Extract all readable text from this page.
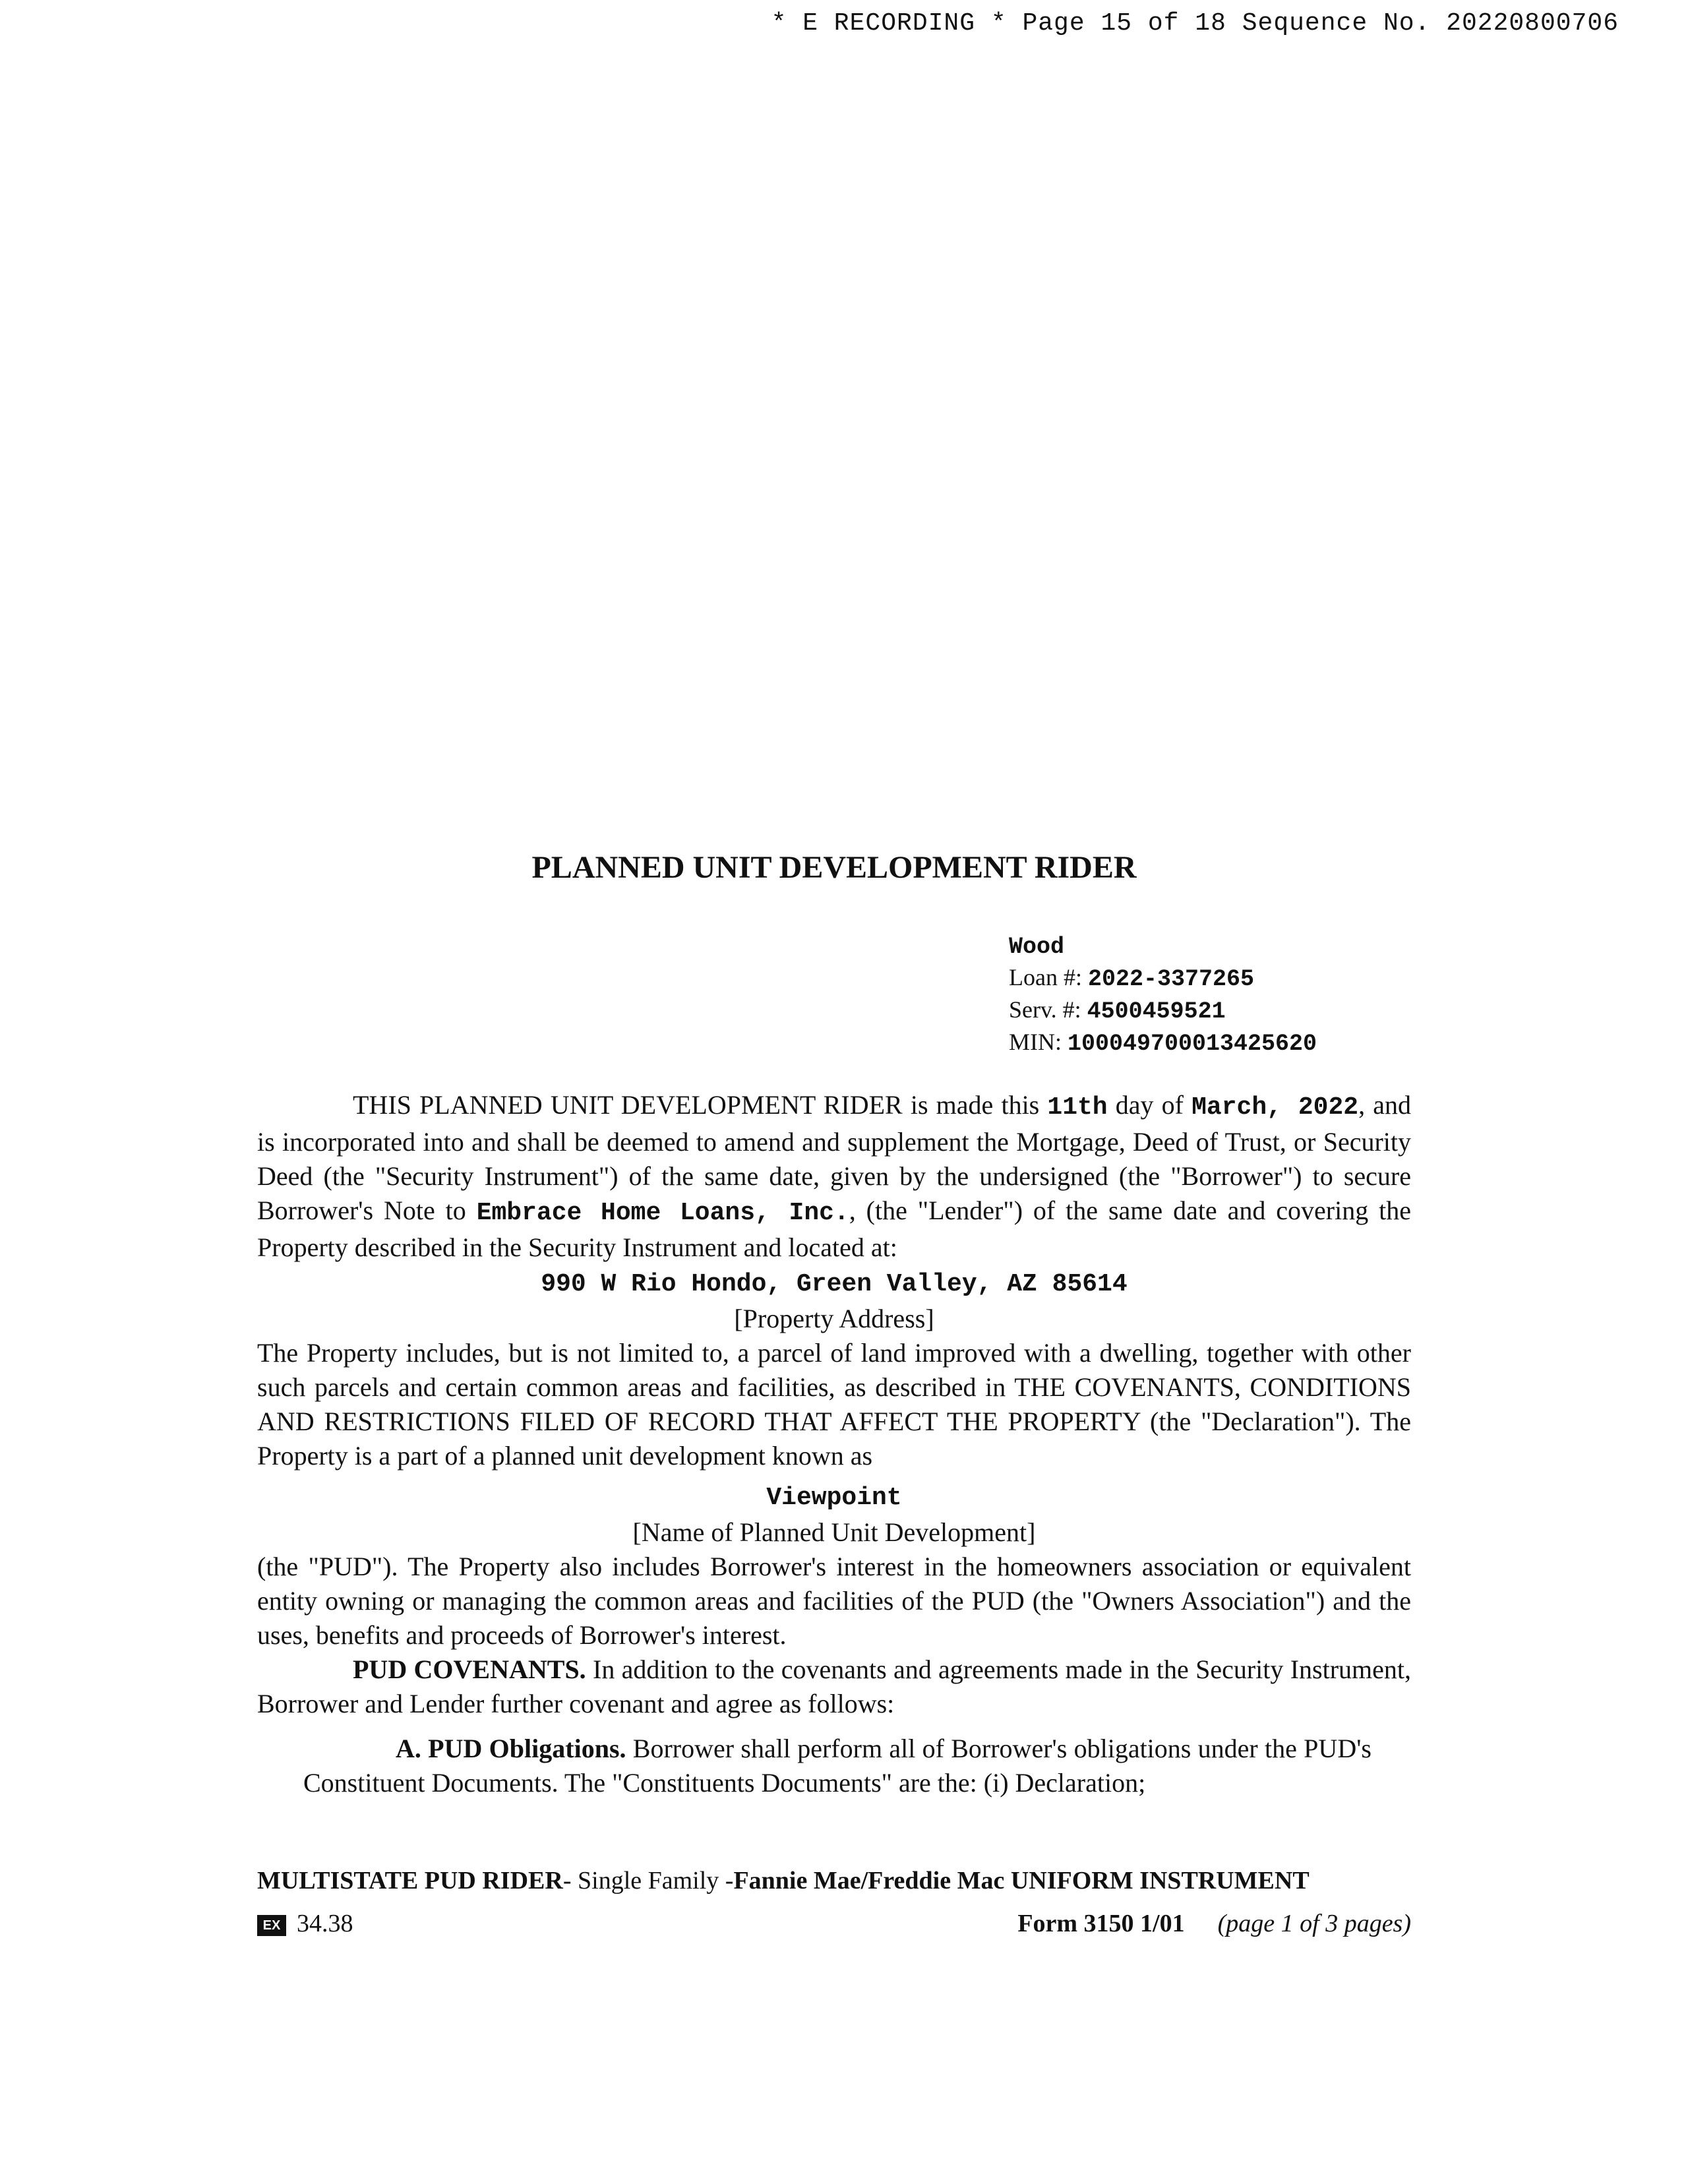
* E RECORDING * Page 15 of 18 Sequence No. 20220800706
PLANNED UNIT DEVELOPMENT RIDER
Wood
Loan #: 2022-3377265
Serv. #: 4500459521
MIN: 100049700013425620

THIS PLANNED UNIT DEVELOPMENT RIDER is made this 11th day of March, 2022, and is incorporated into and shall be deemed to amend and supplement the Mortgage, Deed of Trust, or Security Deed (the "Security Instrument") of the same date, given by the undersigned (the "Borrower") to secure Borrower's Note to Embrace Home Loans, Inc., (the "Lender") of the same date and covering the Property described in the Security Instrument and located at:

990 W Rio Hondo, Green Valley, AZ 85614

[Property Address]

The Property includes, but is not limited to, a parcel of land improved with a dwelling, together with other such parcels and certain common areas and facilities, as described in THE COVENANTS, CONDITIONS AND RESTRICTIONS FILED OF RECORD THAT AFFECT THE PROPERTY (the "Declaration"). The Property is a part of a planned unit development known as

Viewpoint

[Name of Planned Unit Development]

(the "PUD"). The Property also includes Borrower's interest in the homeowners association or equivalent entity owning or managing the common areas and facilities of the PUD (the "Owners Association") and the uses, benefits and proceeds of Borrower's interest.

PUD COVENANTS. In addition to the covenants and agreements made in the Security Instrument, Borrower and Lender further covenant and agree as follows:

A. PUD Obligations. Borrower shall perform all of Borrower's obligations under the PUD's Constituent Documents. The "Constituents Documents" are the: (i) Declaration;

MULTISTATE PUD RIDER- Single Family -Fannie Mae/Freddie Mac UNIFORM INSTRUMENT
EX 34.38	Form 3150 1/01 (page 1 of 3 pages)
